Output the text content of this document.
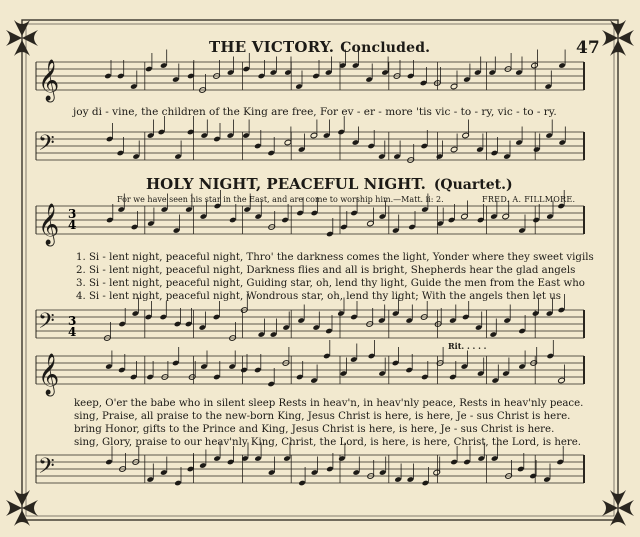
THE VICTORY. Concluded.	47
𝄞
𝄢
𝄞
𝄢
𝄞
𝄢
joy di - vine, the children of the King are free, For ev - er - more 'tis vic - to - ry, vic - to - ry.
HOLY NIGHT, PEACEFUL NIGHT. (Quartet.)
For we have seen his star in the East, and are come to worship him.—Matt. ii: 2.	FRED. A. FILLMORE.
1. Si - lent night, peaceful night, Thro' the darkness comes the light, Yonder where they sweet vigils
2. Si - lent night, peaceful night, Darkness flies and all is bright, Shepherds hear the glad angels
3. Si - lent night, peaceful night, Guiding star, oh, lend thy light, Guide the men from the East who
4. Si - lent night, peaceful night, Wondrous star, oh, lend thy light; With the angels then let us
Rit. . . . .
keep, O'er the babe who in silent sleep Rests in heav'n, in heav'nly peace, Rests in heav'nly peace.
sing, Praise, all praise to the new-born King, Jesus Christ is here, is here, Je - sus Christ is here.
bring Honor, gifts to the Prince and King, Jesus Christ is here, is here, Je - sus Christ is here.
sing, Glory, praise to our heav'nly King, Christ, the Lord, is here, is here, Christ, the Lord, is here.
3
4
3
4
